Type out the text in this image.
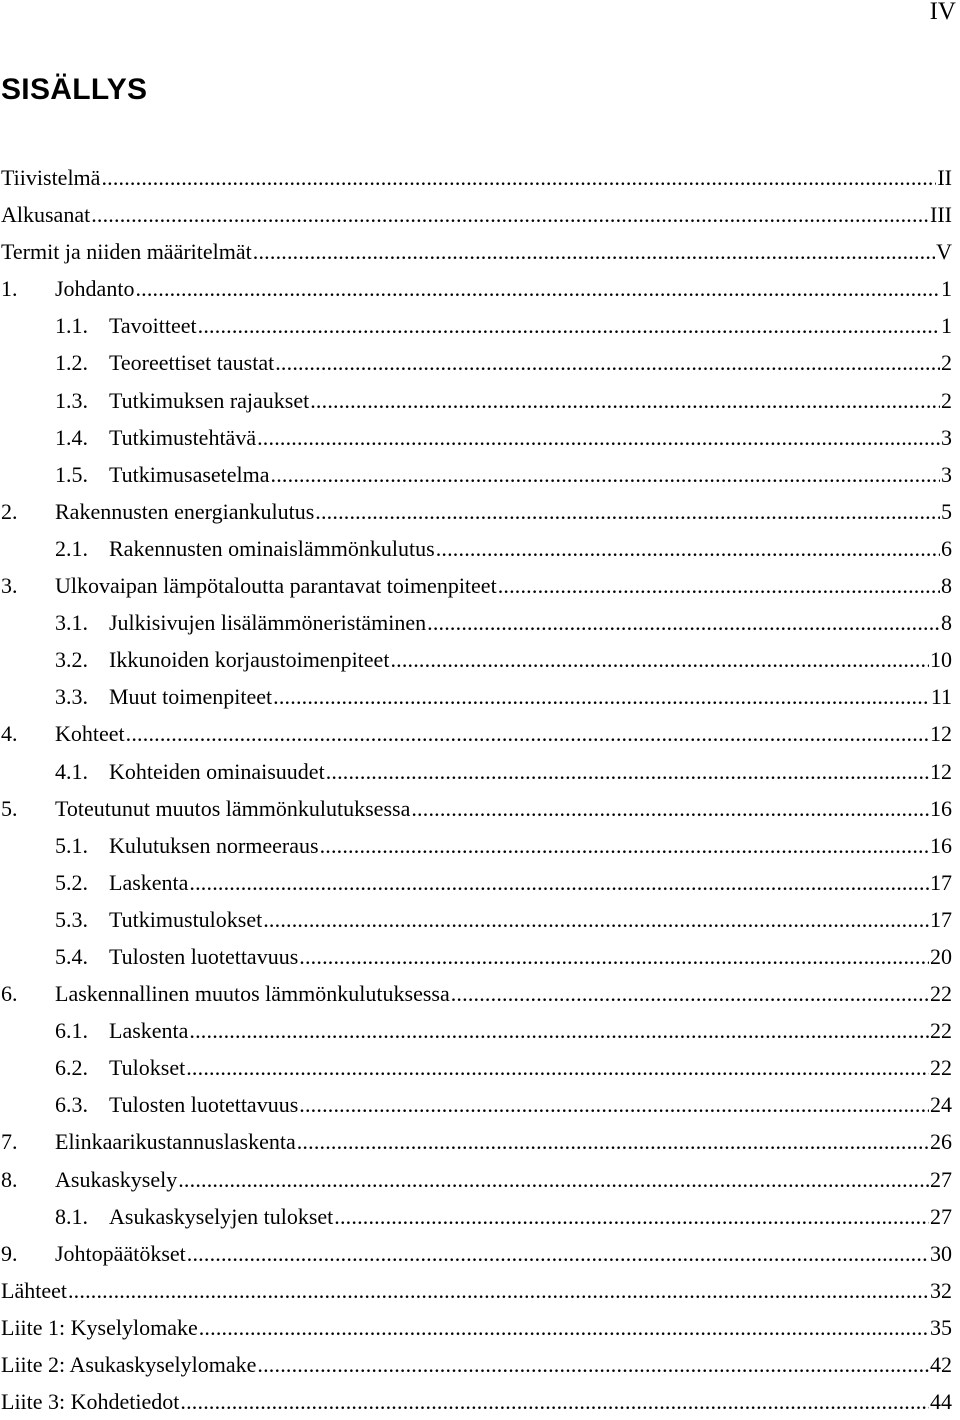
IV
SISÄLLYS
Tiivistelmä .....	II
Alkusanat .....	III
Termit ja niiden määritelmät .....	V
1.	Johdanto .....	1
1.1. Tavoitteet .....	1
1.2. Teoreettiset taustat .....	2
1.3. Tutkimuksen rajaukset .....	2
1.4. Tutkimustehtävä .....	3
1.5. Tutkimusasetelma .....	3
2.	Rakennusten energiankulutus .....	5
2.1. Rakennusten ominaislämmönkulutus .....	6
3.	Ulkovaipan lämpötaloutta parantavat toimenpiteet .....	8
3.1. Julkisivujen lisälämmöneristäminen .....	8
3.2. Ikkunoiden korjaustoimenpiteet .....	10
3.3. Muut toimenpiteet .....	11
4.	Kohteet .....	12
4.1. Kohteiden ominaisuudet .....	12
5.	Toteutunut muutos lämmönkulutuksessa .....	16
5.1. Kulutuksen normeeraus .....	16
5.2. Laskenta .....	17
5.3. Tutkimustulokset .....	17
5.4. Tulosten luotettavuus .....	20
6.	Laskennallinen muutos lämmönkulutuksessa .....	22
6.1. Laskenta .....	22
6.2. Tulokset .....	22
6.3. Tulosten luotettavuus .....	24
7.	Elinkaarikustannuslaskenta .....	26
8.	Asukaskysely .....	27
8.1. Asukaskyselyjen tulokset .....	27
9.	Johtopäätökset .....	30
Lähteet .....	32
Liite 1: Kyselylomake .....	35
Liite 2: Asukaskyselylomake .....	42
Liite 3: Kohdetiedot .....	44
